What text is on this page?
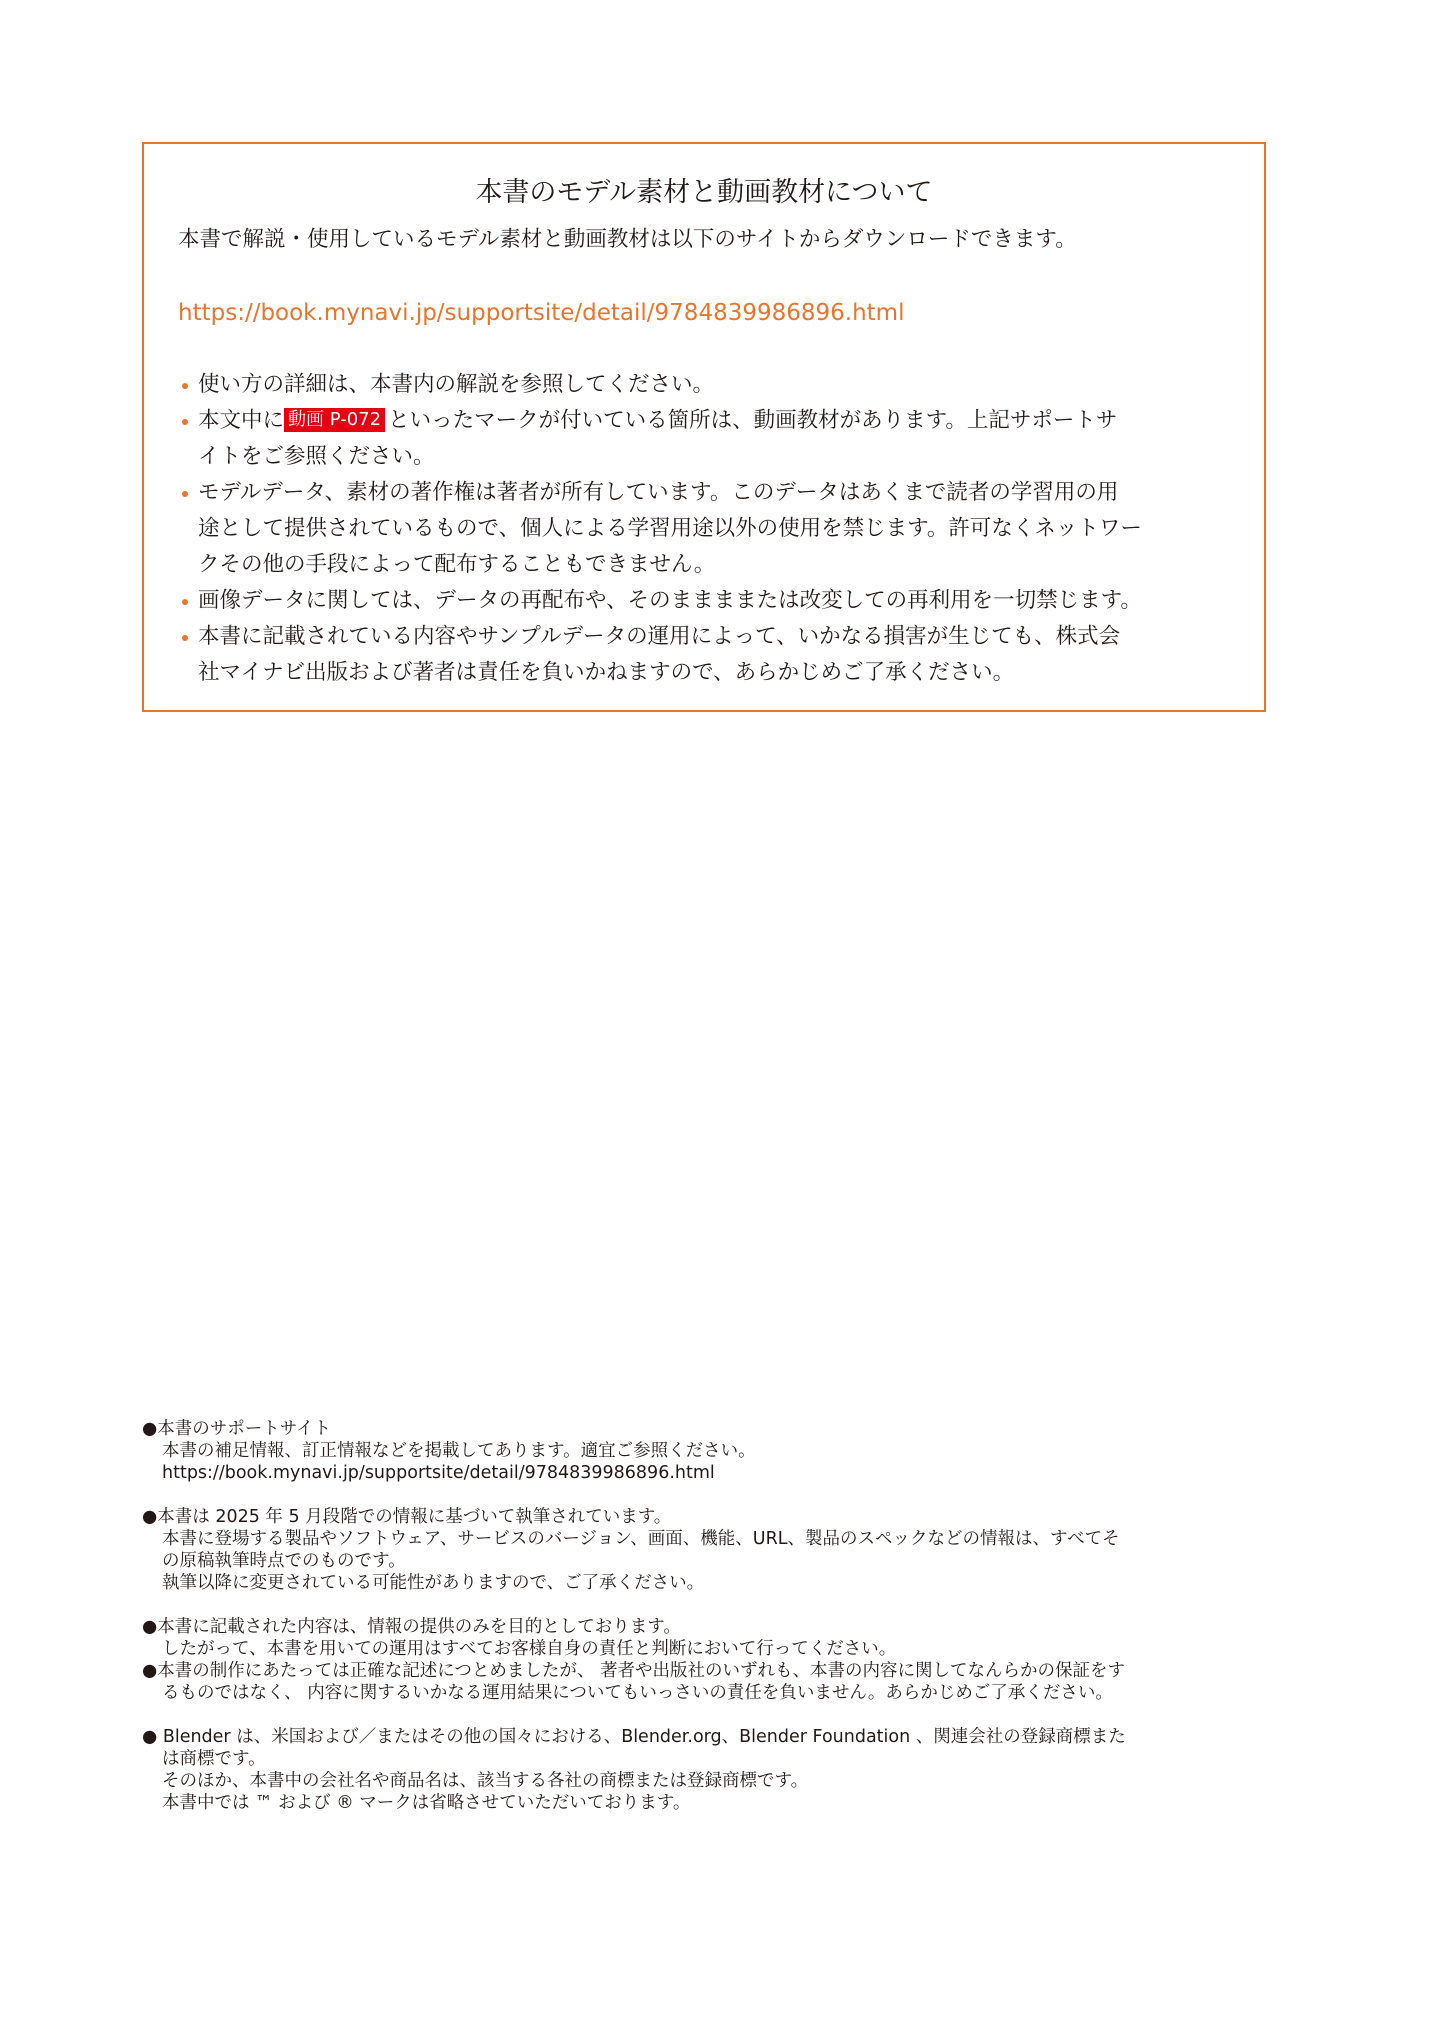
本書のモデル素材と動画教材について
本書で解説・使用しているモデル素材と動画教材は以下のサイトからダウンロードできます。
https://book.mynavi.jp/supportsite/detail/9784839986896.html
使い方の詳細は、本書内の解説を参照してください。
本文中に 動画 P-072 といったマークが付いている箇所は、動画教材があります。上記サポートサ
イトをご参照ください。
モデルデータ、素材の著作権は著者が所有しています。このデータはあくまで読者の学習用の用
途として提供されているもので、個人による学習用途以外の使用を禁じます。許可なくネットワー
クその他の手段によって配布することもできません。
画像データに関しては、データの再配布や、そのままままたは改変しての再利用を一切禁じます。
本書に記載されている内容やサンプルデータの運用によって、いかなる損害が生じても、株式会
社マイナビ出版および著者は責任を負いかねますので、あらかじめご了承ください。
●本書のサポートサイト
本書の補足情報、訂正情報などを掲載してあります。適宜ご参照ください。
https://book.mynavi.jp/supportsite/detail/9784839986896.html
●本書は 2025 年 5 月段階での情報に基づいて執筆されています。
本書に登場する製品やソフトウェア、サービスのバージョン、画面、機能、URL、製品のスペックなどの情報は、すべてそ
の原稿執筆時点でのものです。
執筆以降に変更されている可能性がありますので、ご了承ください。
●本書に記載された内容は、情報の提供のみを目的としております。
したがって、本書を用いての運用はすべてお客様自身の責任と判断において行ってください。
●本書の制作にあたっては正確な記述につとめましたが、 著者や出版社のいずれも、本書の内容に関してなんらかの保証をす
るものではなく、 内容に関するいかなる運用結果についてもいっさいの責任を負いません。あらかじめご了承ください。
● Blender は、米国および／またはその他の国々における、Blender.org、Blender Foundation 、関連会社の登録商標また
は商標です。
そのほか、本書中の会社名や商品名は、該当する各社の商標または登録商標です。
本書中では ™ および ® マークは省略させていただいております。
